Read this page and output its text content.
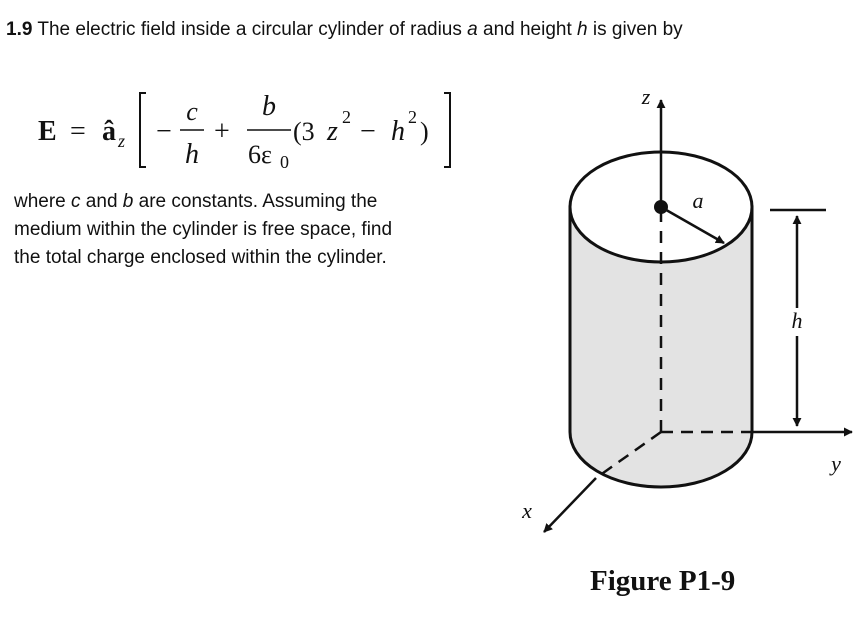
1.9 The electric field inside a circular cylinder of radius a and height h is given by
E = â z −
c
h
+
b
6ε 0
(3 z 2 − h 2 )
where c and b are constants. Assuming the
medium within the cylinder is free space, find
the total charge enclosed within the cylinder.
h
z
a
y
x
Figure P1-9
